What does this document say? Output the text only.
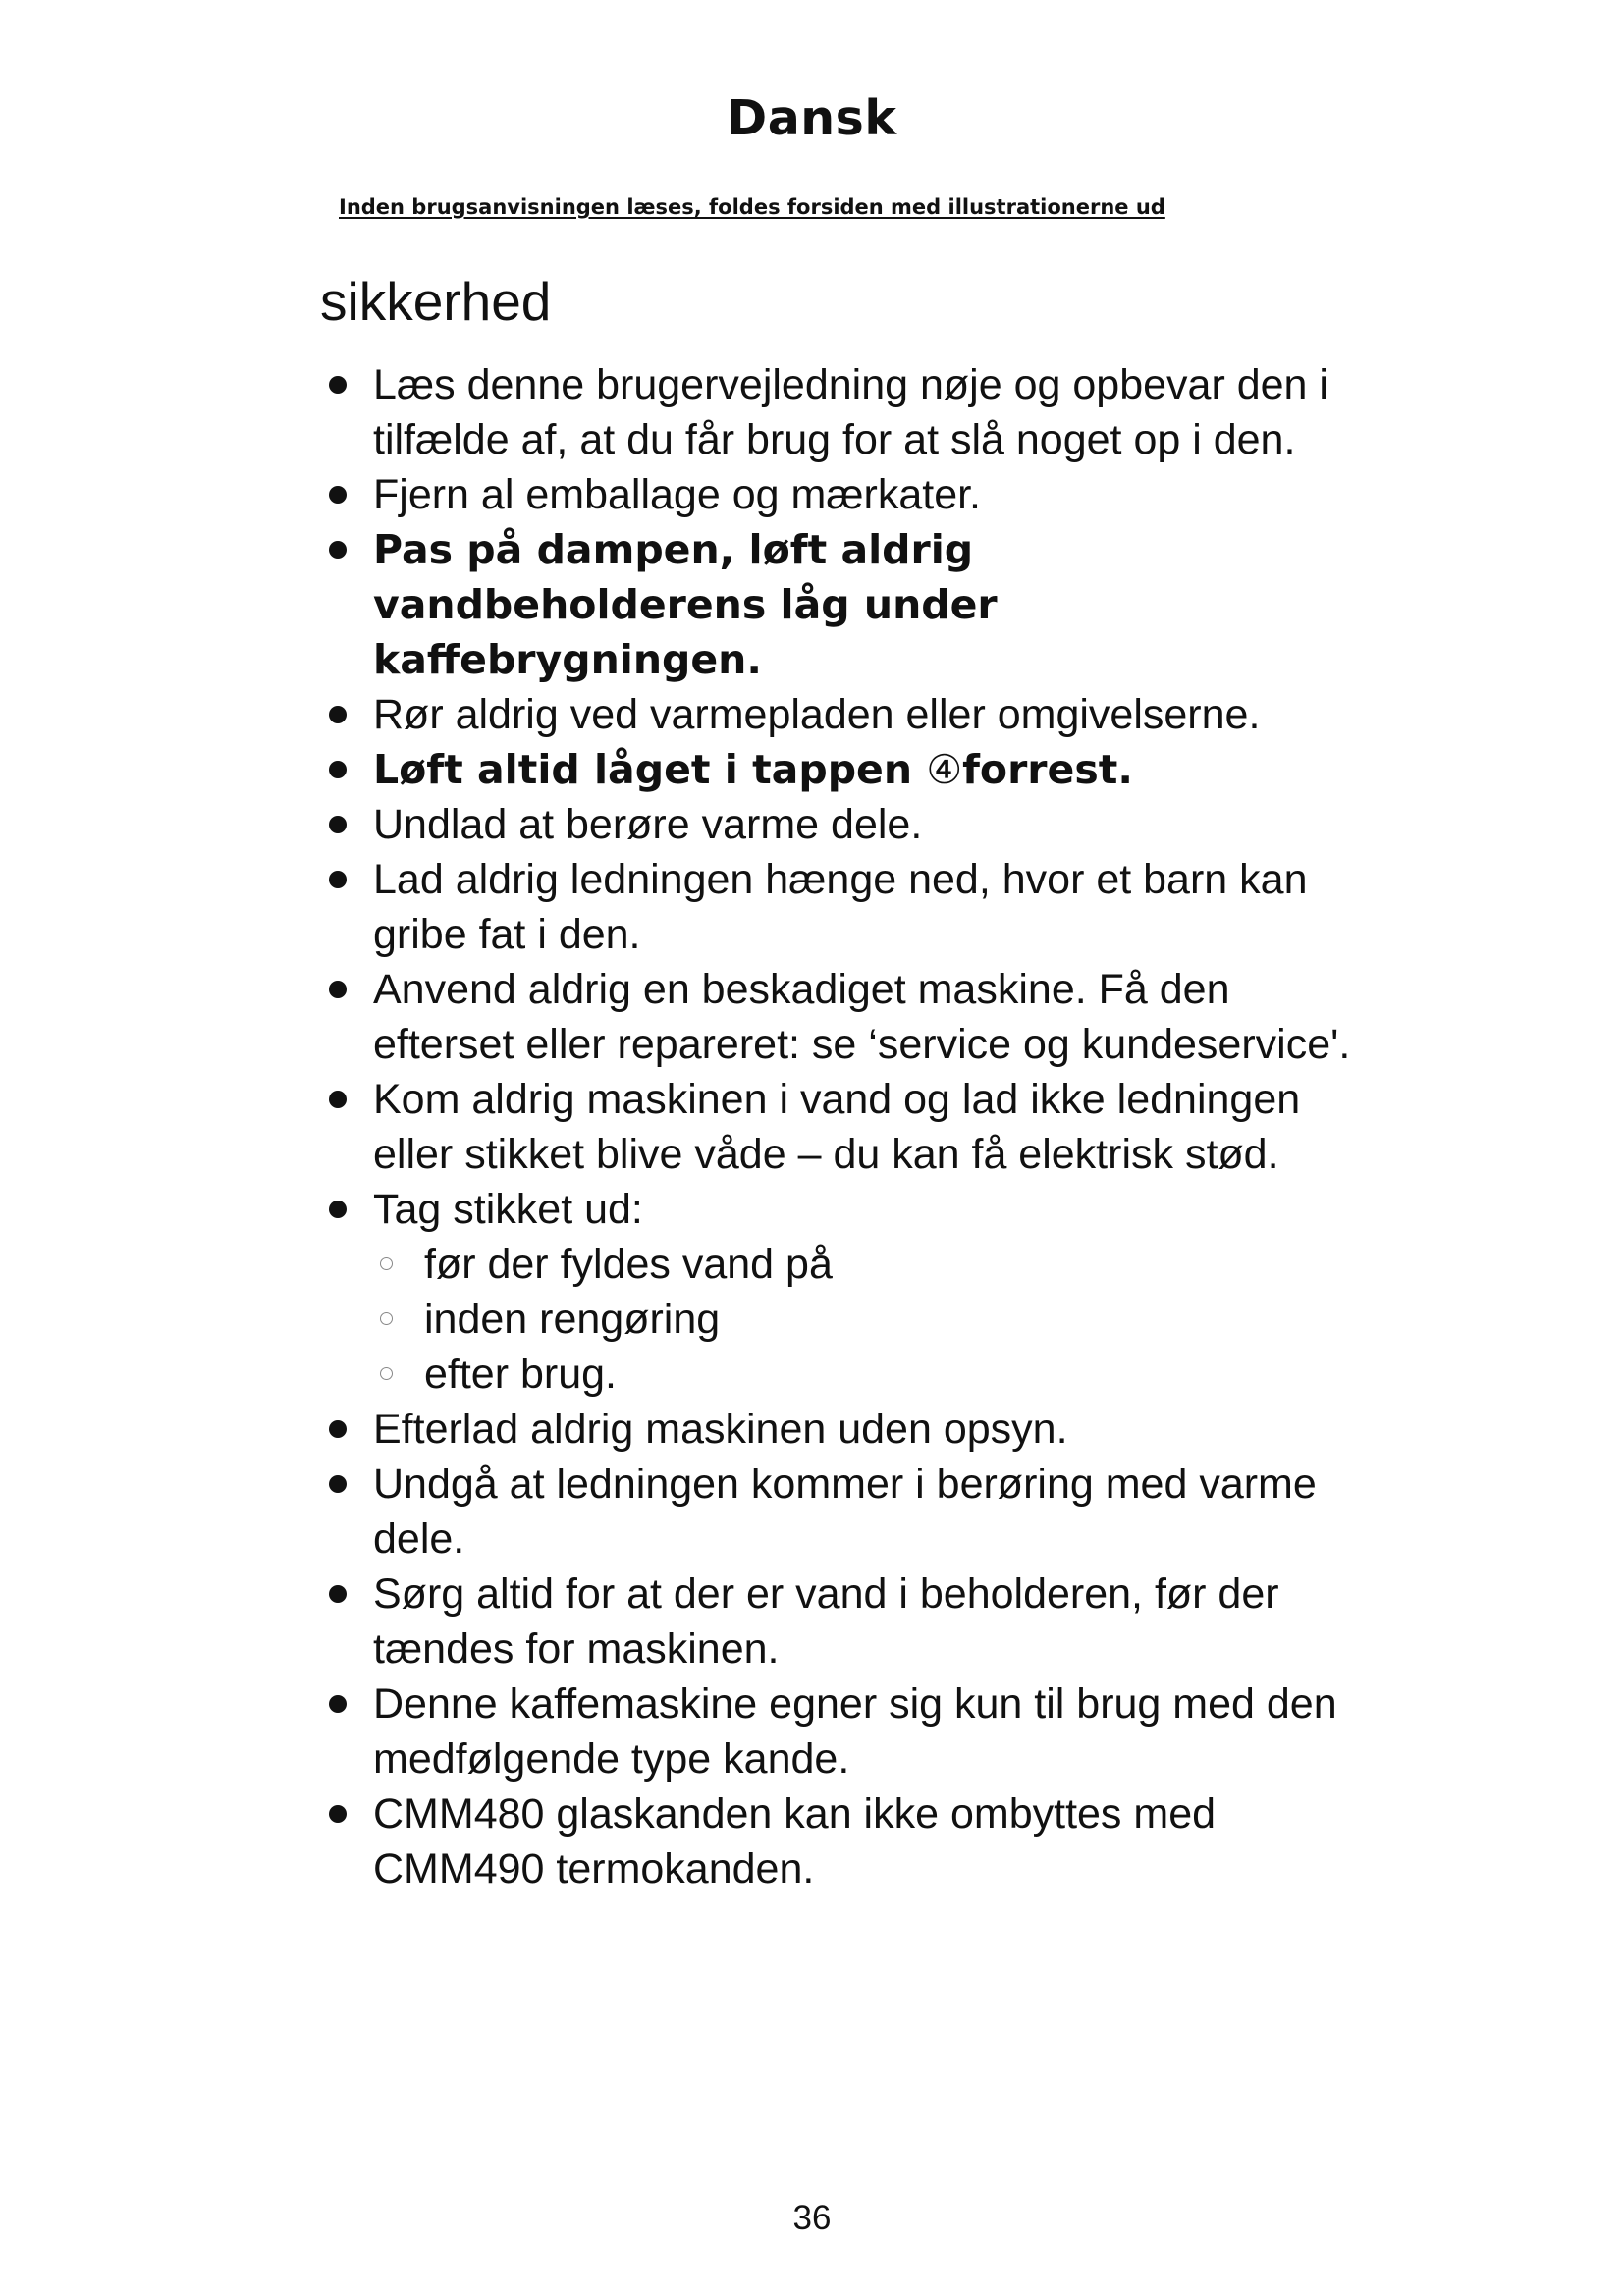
Dansk

Inden brugsanvisningen læses, foldes forsiden med illustrationerne ud

sikkerhed
Læs denne brugervejledning nøje og opbevar den i tilfælde af, at du får brug for at slå noget op i den.
Fjern al emballage og mærkater.
Pas på dampen, løft aldrig vandbeholderens låg under kaffebrygningen.
Rør aldrig ved varmepladen eller omgivelserne.
Løft altid låget i tappen ④forrest.
Undlad at berøre varme dele.
Lad aldrig ledningen hænge ned, hvor et barn kan gribe fat i den.
Anvend aldrig en beskadiget maskine. Få den efterset eller repareret: se ‘service og kundeservice'.
Kom aldrig maskinen i vand og lad ikke ledningen eller stikket blive våde – du kan få elektrisk stød.
Tag stikket ud:
før der fyldes vand på
inden rengøring
efter brug.
Efterlad aldrig maskinen uden opsyn.
Undgå at ledningen kommer i berøring med varme dele.
Sørg altid for at der er vand i beholderen, før der tændes for maskinen.
Denne kaffemaskine egner sig kun til brug med den medfølgende type kande.
CMM480 glaskanden kan ikke ombyttes med CMM490 termokanden.

36
